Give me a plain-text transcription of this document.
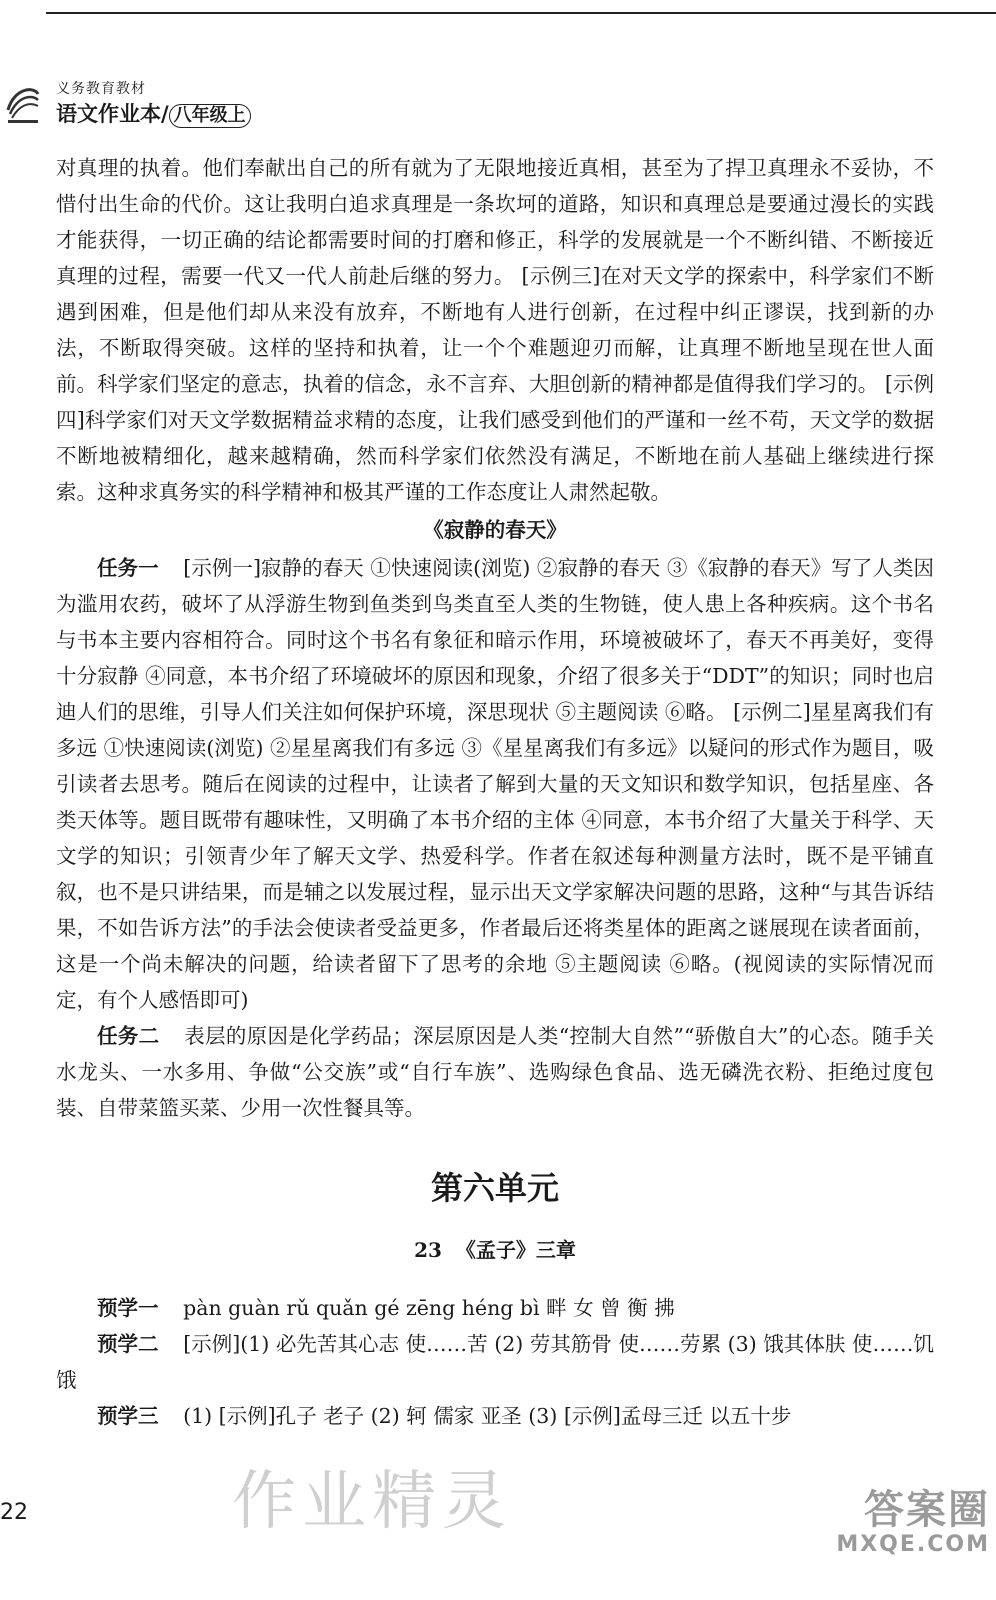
义务教育教材
语文作业本/ 八年级上

对真理的执着。他们奉献出自己的所有就为了无限地接近真相，甚至为了捍卫真理永不妥协，不惜付出生命的代价。这让我明白追求真理是一条坎坷的道路，知识和真理总是要通过漫长的实践才能获得，一切正确的结论都需要时间的打磨和修正，科学的发展就是一个不断纠错、不断接近真理的过程，需要一代又一代人前赴后继的努力。 [示例三]在对天文学的探索中，科学家们不断遇到困难，但是他们却从来没有放弃，不断地有人进行创新，在过程中纠正谬误，找到新的办法，不断取得突破。这样的坚持和执着，让一个个难题迎刃而解，让真理不断地呈现在世人面前。科学家们坚定的意志，执着的信念，永不言弃、大胆创新的精神都是值得我们学习的。 [示例四]科学家们对天文学数据精益求精的态度，让我们感受到他们的严谨和一丝不苟，天文学的数据不断地被精细化，越来越精确，然而科学家们依然没有满足，不断地在前人基础上继续进行探索。这种求真务实的科学精神和极其严谨的工作态度让人肃然起敬。

《寂静的春天》

任务一 [示例一]寂静的春天 ①快速阅读(浏览) ②寂静的春天 ③《寂静的春天》写了人类因为滥用农药，破坏了从浮游生物到鱼类到鸟类直至人类的生物链，使人患上各种疾病。这个书名与书本主要内容相符合。同时这个书名有象征和暗示作用，环境被破坏了，春天不再美好，变得十分寂静 ④同意，本书介绍了环境破坏的原因和现象，介绍了很多关于“DDT”的知识；同时也启迪人们的思维，引导人们关注如何保护环境，深思现状 ⑤主题阅读 ⑥略。 [示例二]星星离我们有多远 ①快速阅读(浏览) ②星星离我们有多远 ③《星星离我们有多远》以疑问的形式作为题目，吸引读者去思考。随后在阅读的过程中，让读者了解到大量的天文知识和数学知识，包括星座、各类天体等。题目既带有趣味性，又明确了本书介绍的主体 ④同意，本书介绍了大量关于科学、天文学的知识；引领青少年了解天文学、热爱科学。作者在叙述每种测量方法时，既不是平铺直叙，也不是只讲结果，而是辅之以发展过程，显示出天文学家解决问题的思路，这种“与其告诉结果，不如告诉方法”的手法会使读者受益更多，作者最后还将类星体的距离之谜展现在读者面前，这是一个尚未解决的问题，给读者留下了思考的余地 ⑤主题阅读 ⑥略。(视阅读的实际情况而定，有个人感悟即可)

任务二 表层的原因是化学药品；深层原因是人类“控制大自然”“骄傲自大”的心态。随手关水龙头、一水多用、争做“公交族”或“自行车族”、选购绿色食品、选无磷洗衣粉、拒绝过度包装、自带菜篮买菜、少用一次性餐具等。

第六单元
23 《孟子》三章

预学一 pàn guàn rǔ quǎn gé zēng héng bì 畔 女 曾 衡 拂

预学二 [示例](1) 必先苦其心志 使……苦 (2) 劳其筋骨 使……劳累 (3) 饿其体肤 使……饥饿

预学三 (1) [示例]孔子 老子 (2) 轲 儒家 亚圣 (3) [示例]孟母三迁 以五十步

22	作业精灵	答案圈
MXQE.COM
